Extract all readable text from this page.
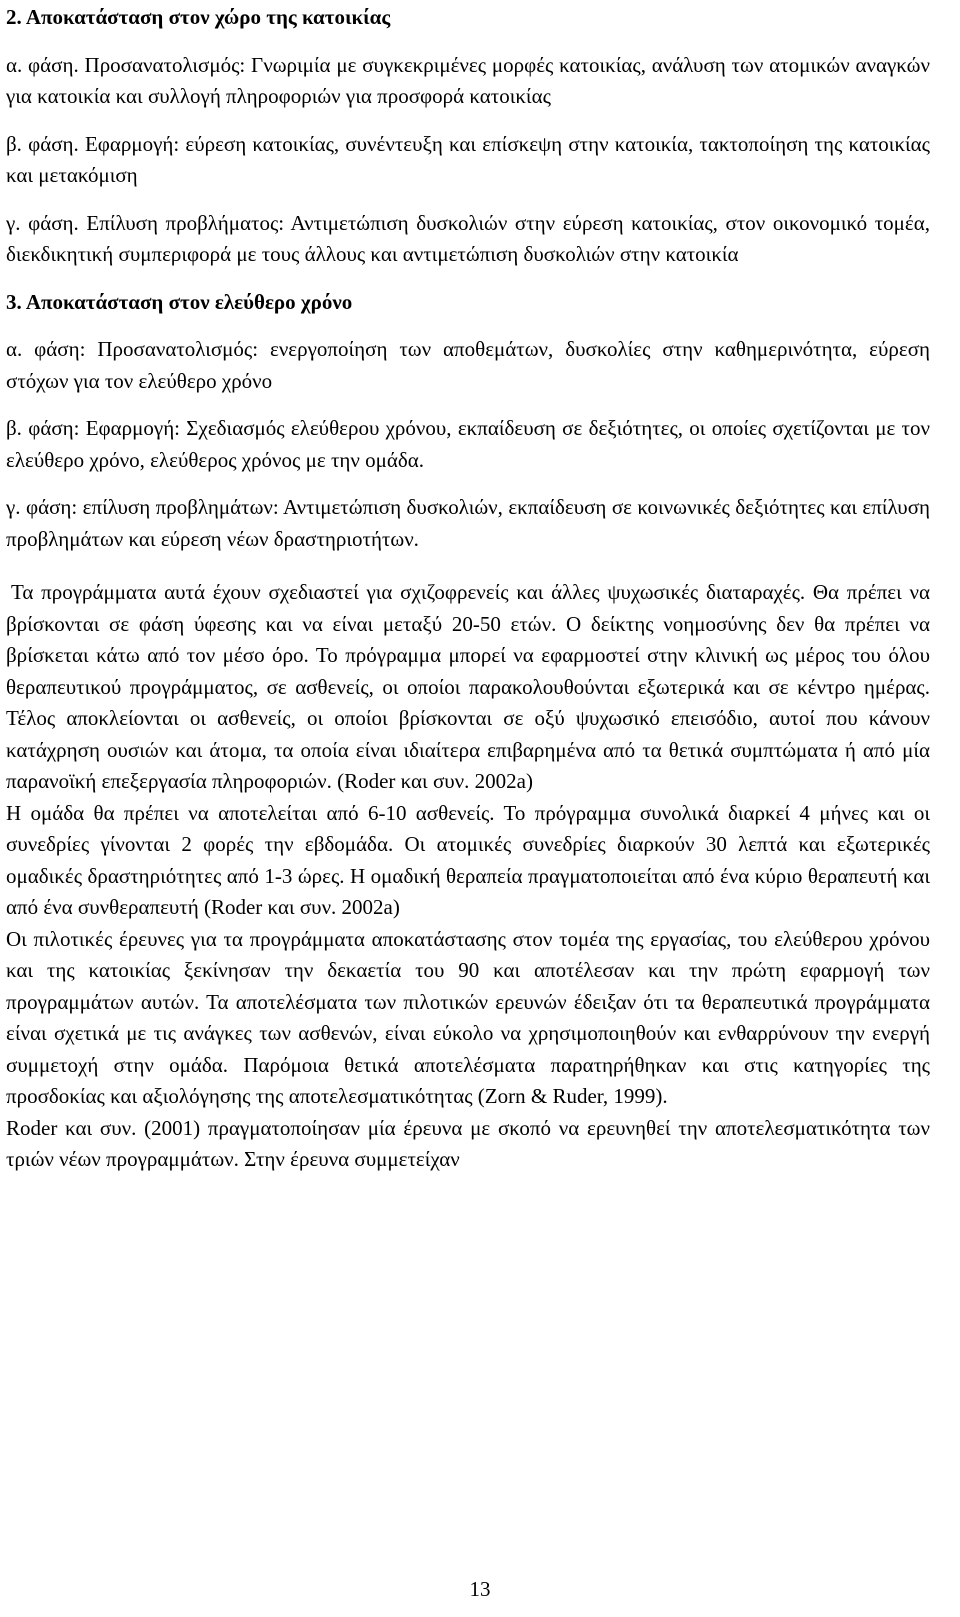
2. Αποκατάσταση στον χώρο της κατοικίας

α. φάση. Προσανατολισμός: Γνωριμία με συγκεκριμένες μορφές κατοικίας, ανάλυση των ατομικών αναγκών για κατοικία και συλλογή πληροφοριών για προσφορά κατοικίας

β. φάση. Εφαρμογή: εύρεση κατοικίας, συνέντευξη και επίσκεψη στην κατοικία, τακτοποίηση της κατοικίας και μετακόμιση

γ. φάση. Επίλυση προβλήματος: Αντιμετώπιση δυσκολιών στην εύρεση κατοικίας, στον οικονομικό τομέα, διεκδικητική συμπεριφορά με τους άλλους και αντιμετώπιση δυσκολιών στην κατοικία

3. Αποκατάσταση στον ελεύθερο χρόνο

α. φάση: Προσανατολισμός: ενεργοποίηση των αποθεμάτων, δυσκολίες στην καθημερινότητα, εύρεση στόχων για τον ελεύθερο χρόνο

β. φάση: Εφαρμογή: Σχεδιασμός ελεύθερου χρόνου, εκπαίδευση σε δεξιότητες, οι οποίες σχετίζονται με τον ελεύθερο χρόνο, ελεύθερος χρόνος με την ομάδα.

γ. φάση: επίλυση προβλημάτων: Αντιμετώπιση δυσκολιών, εκπαίδευση σε κοινωνικές δεξιότητες και επίλυση προβλημάτων και εύρεση νέων δραστηριοτήτων.

Τα προγράμματα αυτά έχουν σχεδιαστεί για σχιζοφρενείς και άλλες ψυχωσικές διαταραχές. Θα πρέπει να βρίσκονται σε φάση ύφεσης και να είναι μεταξύ 20-50 ετών. Ο δείκτης νοημοσύνης δεν θα πρέπει να βρίσκεται κάτω από τον μέσο όρο. Το πρόγραμμα μπορεί να εφαρμοστεί στην κλινική ως μέρος του όλου θεραπευτικού προγράμματος, σε ασθενείς, οι οποίοι παρακολουθούνται εξωτερικά και σε κέντρο ημέρας. Τέλος αποκλείονται οι ασθενείς, οι οποίοι βρίσκονται σε οξύ ψυχωσικό επεισόδιο, αυτοί που κάνουν κατάχρηση ουσιών και άτομα, τα οποία είναι ιδιαίτερα επιβαρημένα από τα θετικά συμπτώματα ή από μία παρανοϊκή επεξεργασία πληροφοριών. (Roder και συν. 2002a)

Η ομάδα θα πρέπει να αποτελείται από 6-10 ασθενείς. Το πρόγραμμα συνολικά διαρκεί 4 μήνες και οι συνεδρίες γίνονται 2 φορές την εβδομάδα. Οι ατομικές συνεδρίες διαρκούν 30 λεπτά και εξωτερικές ομαδικές δραστηριότητες από 1-3 ώρες. Η ομαδική θεραπεία πραγματοποιείται από ένα κύριο θεραπευτή και από ένα συνθεραπευτή (Roder και συν. 2002a)

Οι πιλοτικές έρευνες για τα προγράμματα αποκατάστασης στον τομέα της εργασίας, του ελεύθερου χρόνου και της κατοικίας ξεκίνησαν την δεκαετία του 90 και αποτέλεσαν και την πρώτη εφαρμογή των προγραμμάτων αυτών. Τα αποτελέσματα των πιλοτικών ερευνών έδειξαν ότι τα θεραπευτικά προγράμματα είναι σχετικά με τις ανάγκες των ασθενών, είναι εύκολο να χρησιμοποιηθούν και ενθαρρύνουν την ενεργή συμμετοχή στην ομάδα. Παρόμοια θετικά αποτελέσματα παρατηρήθηκαν και στις κατηγορίες της προσδοκίας και αξιολόγησης της αποτελεσματικότητας (Zorn & Ruder, 1999).

Roder και συν. (2001) πραγματοποίησαν μία έρευνα με σκοπό να ερευνηθεί την αποτελεσματικότητα των τριών νέων προγραμμάτων. Στην έρευνα συμμετείχαν

13
